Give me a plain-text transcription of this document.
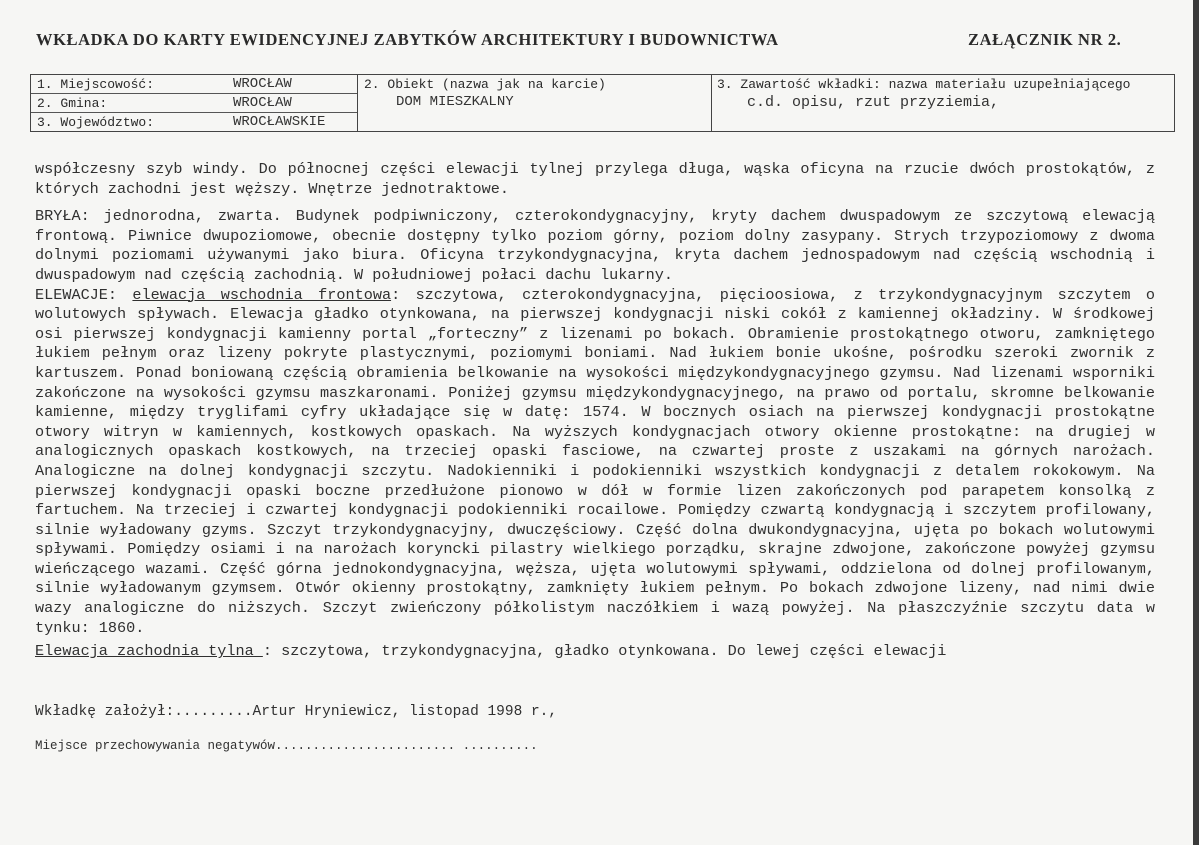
WKŁADKA DO KARTY EWIDENCYJNEJ ZABYTKÓW ARCHITEKTURY I BUDOWNICTWA	ZAŁĄCZNIK NR 2.
1. Miejscowość:	WROCŁAW
2. Gmina:	WROCŁAW
3. Województwo:	WROCŁAWSKIE
2. Obiekt (nazwa jak na karcie)
DOM MIESZKALNY
3. Zawartość wkładki: nazwa materiału uzupełniającego
c.d. opisu, rzut przyziemia,

współczesny szyb windy. Do północnej części elewacji tylnej przylega długa, wąska oficyna na rzucie dwóch prostokątów, z których zachodni jest węższy. Wnętrze jednotraktowe.

BRYŁA: jednorodna, zwarta. Budynek podpiwniczony, czterokondygnacyjny, kryty dachem dwuspadowym ze szczytową elewacją frontową. Piwnice dwupoziomowe, obecnie dostępny tylko poziom górny, poziom dolny zasypany. Strych trzypoziomowy z dwoma dolnymi poziomami używanymi jako biura. Oficyna trzykondygnacyjna, kryta dachem jednospadowym nad częścią wschodnią i dwuspadowym nad częścią zachodnią. W południowej połaci dachu lukarny.

ELEWACJE: elewacja wschodnia frontowa: szczytowa, czterokondygnacyjna, pięcioosiowa, z trzykondygnacyjnym szczytem o wolutowych spływach. Elewacja gładko otynkowana, na pierwszej kondygnacji niski cokół z kamiennej okładziny. W środkowej osi pierwszej kondygnacji kamienny portal „forteczny” z lizenami po bokach. Obramienie prostokątnego otworu, zamkniętego łukiem pełnym oraz lizeny pokryte plastycznymi, poziomymi boniami. Nad łukiem bonie ukośne, pośrodku szeroki zwornik z kartuszem. Ponad boniowaną częścią obramienia belkowanie na wysokości międzykondygnacyjnego gzymsu. Nad lizenami wsporniki zakończone na wysokości gzymsu maszkaronami. Poniżej gzymsu międzykondygnacyjnego, na prawo od portalu, skromne belkowanie kamienne, między tryglifami cyfry układające się w datę: 1574. W bocznych osiach na pierwszej kondygnacji prostokątne otwory witryn w kamiennych, kostkowych opaskach. Na wyższych kondygnacjach otwory okienne prostokątne: na drugiej w analogicznych opaskach kostkowych, na trzeciej opaski fasciowe, na czwartej proste z uszakami na górnych narożach. Analogiczne na dolnej kondygnacji szczytu. Nadokienniki i podokienniki wszystkich kondygnacji z detalem rokokowym. Na pierwszej kondygnacji opaski boczne przedłużone pionowo w dół w formie lizen zakończonych pod parapetem konsolką z fartuchem. Na trzeciej i czwartej kondygnacji podokienniki rocailowe. Pomiędzy czwartą kondygnacją i szczytem profilowany, silnie wyładowany gzyms. Szczyt trzykondygnacyjny, dwuczęściowy. Część dolna dwukondygnacyjna, ujęta po bokach wolutowymi spływami. Pomiędzy osiami i na narożach koryncki pilastry wielkiego porządku, skrajne zdwojone, zakończone powyżej gzymsu wieńczącego wazami. Część górna jednokondygnacyjna, węższa, ujęta wolutowymi spływami, oddzielona od dolnej profilowanym, silnie wyładowanym gzymsem. Otwór okienny prostokątny, zamknięty łukiem pełnym. Po bokach zdwojone lizeny, nad nimi dwie wazy analogiczne do niższych. Szczyt zwieńczony półkolistym naczółkiem i wazą powyżej. Na płaszczyźnie szczytu data w tynku: 1860.

Elewacja zachodnia tylna : szczytowa, trzykondygnacyjna, gładko otynkowana. Do lewej części elewacji

Wkładkę założył:.........Artur Hryniewicz, listopad 1998 r.,
Miejsce przechowywania negatywów........................ ..........
